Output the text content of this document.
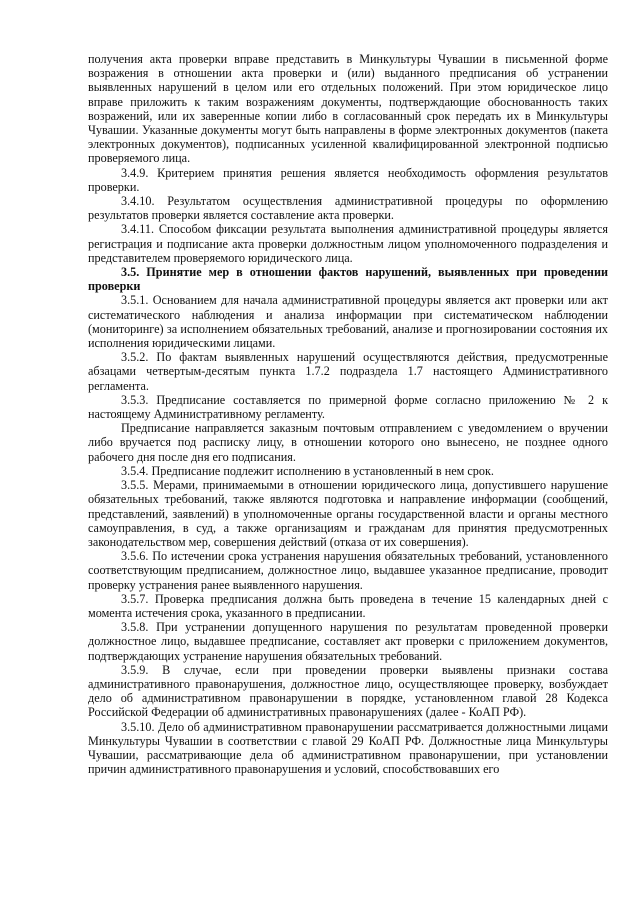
получения акта проверки вправе представить в Минкультуры Чувашии в письменной форме возражения в отношении акта проверки и (или) выданного предписания об устранении выявленных нарушений в целом или его отдельных положений. При этом юридическое лицо вправе приложить к таким возражениям документы, подтверждающие обоснованность таких возражений, или их заверенные копии либо в согласованный срок передать их в Минкультуры Чувашии. Указанные документы могут быть направлены в форме электронных документов (пакета электронных документов), подписанных усиленной квалифицированной электронной подписью проверяемого лица.

3.4.9. Критерием принятия решения является необходимость оформления результатов проверки.

3.4.10. Результатом осуществления административной процедуры по оформлению результатов проверки является составление акта проверки.

3.4.11. Способом фиксации результата выполнения административной процедуры является регистрация и подписание акта проверки должностным лицом уполномоченного подразделения и представителем проверяемого юридического лица.

3.5. Принятие мер в отношении фактов нарушений, выявленных при проведении проверки

3.5.1. Основанием для начала административной процедуры является акт проверки или акт систематического наблюдения и анализа информации при систематическом наблюдении (мониторинге) за исполнением обязательных требований, анализе и прогнозировании состояния их исполнения юридическими лицами.

3.5.2. По фактам выявленных нарушений осуществляются действия, предусмотренные абзацами четвертым-десятым пункта 1.7.2 подраздела 1.7 настоящего Административного регламента.

3.5.3. Предписание составляется по примерной форме согласно приложению № 2 к настоящему Административному регламенту.

Предписание направляется заказным почтовым отправлением с уведомлением о вручении либо вручается под расписку лицу, в отношении которого оно вынесено, не позднее одного рабочего дня после дня его подписания.

3.5.4. Предписание подлежит исполнению в установленный в нем срок.

3.5.5. Мерами, принимаемыми в отношении юридического лица, допустившего нарушение обязательных требований, также являются подготовка и направление информации (сообщений, представлений, заявлений) в уполномоченные органы государственной власти и органы местного самоуправления, в суд, а также организациям и гражданам для принятия предусмотренных законодательством мер, совершения действий (отказа от их совершения).

3.5.6. По истечении срока устранения нарушения обязательных требований, установленного соответствующим предписанием, должностное лицо, выдавшее указанное предписание, проводит проверку устранения ранее выявленного нарушения.

3.5.7. Проверка предписания должна быть проведена в течение 15 календарных дней с момента истечения срока, указанного в предписании.

3.5.8. При устранении допущенного нарушения по результатам проведенной проверки должностное лицо, выдавшее предписание, составляет акт проверки с приложением документов, подтверждающих устранение нарушения обязательных требований.

3.5.9. В случае, если при проведении проверки выявлены признаки состава административного правонарушения, должностное лицо, осуществляющее проверку, возбуждает дело об административном правонарушении в порядке, установленном главой 28 Кодекса Российской Федерации об административных правонарушениях (далее - КоАП РФ).

3.5.10. Дело об административном правонарушении рассматривается должностными лицами Минкультуры Чувашии в соответствии с главой 29 КоАП РФ. Должностные лица Минкультуры Чувашии, рассматривающие дела об административном правонарушении, при установлении причин административного правонарушения и условий, способствовавших его
